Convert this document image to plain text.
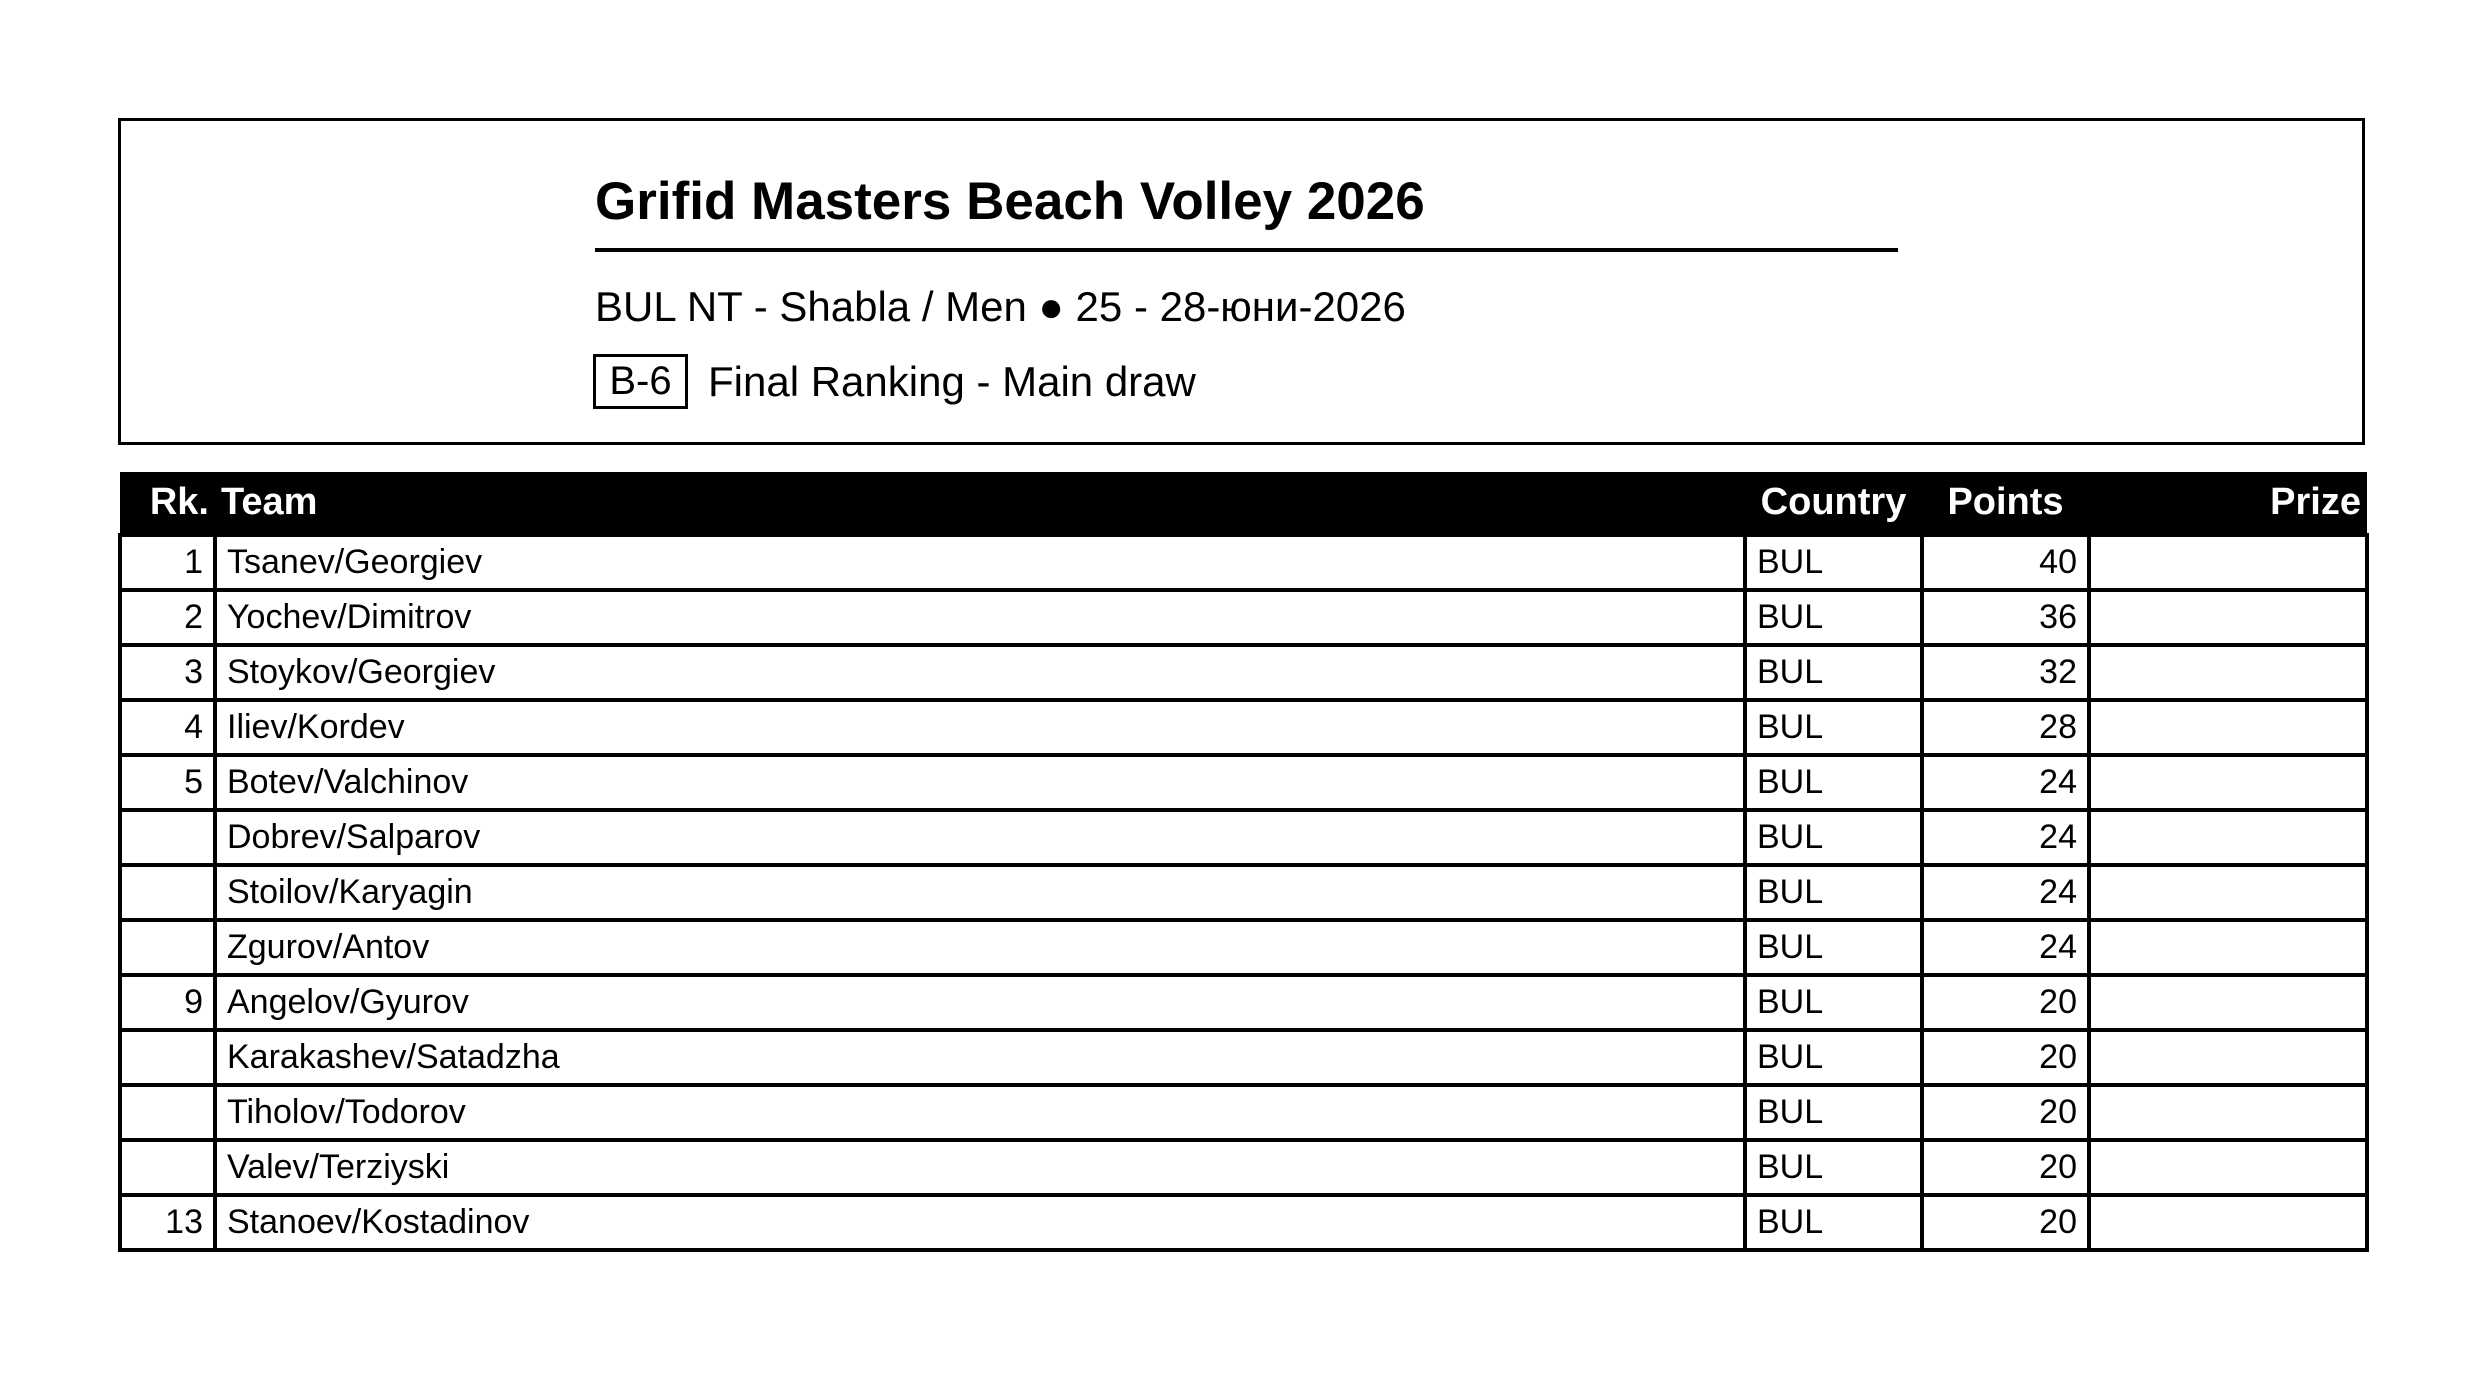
Grifid Masters Beach Volley 2026
BUL NT - Shabla / Men ● 25 - 28-юни-2026
B-6 Final Ranking - Main draw
Rk.	Team	Country	Points	Prize
1	Tsanev/Georgiev	BUL	40	
2	Yochev/Dimitrov	BUL	36	
3	Stoykov/Georgiev	BUL	32	
4	Iliev/Kordev	BUL	28	
5	Botev/Valchinov	BUL	24	
	Dobrev/Salparov	BUL	24	
	Stoilov/Karyagin	BUL	24	
	Zgurov/Antov	BUL	24	
9	Angelov/Gyurov	BUL	20	
	Karakashev/Satadzha	BUL	20	
	Tiholov/Todorov	BUL	20	
	Valev/Terziyski	BUL	20	
13	Stanoev/Kostadinov	BUL	20	
